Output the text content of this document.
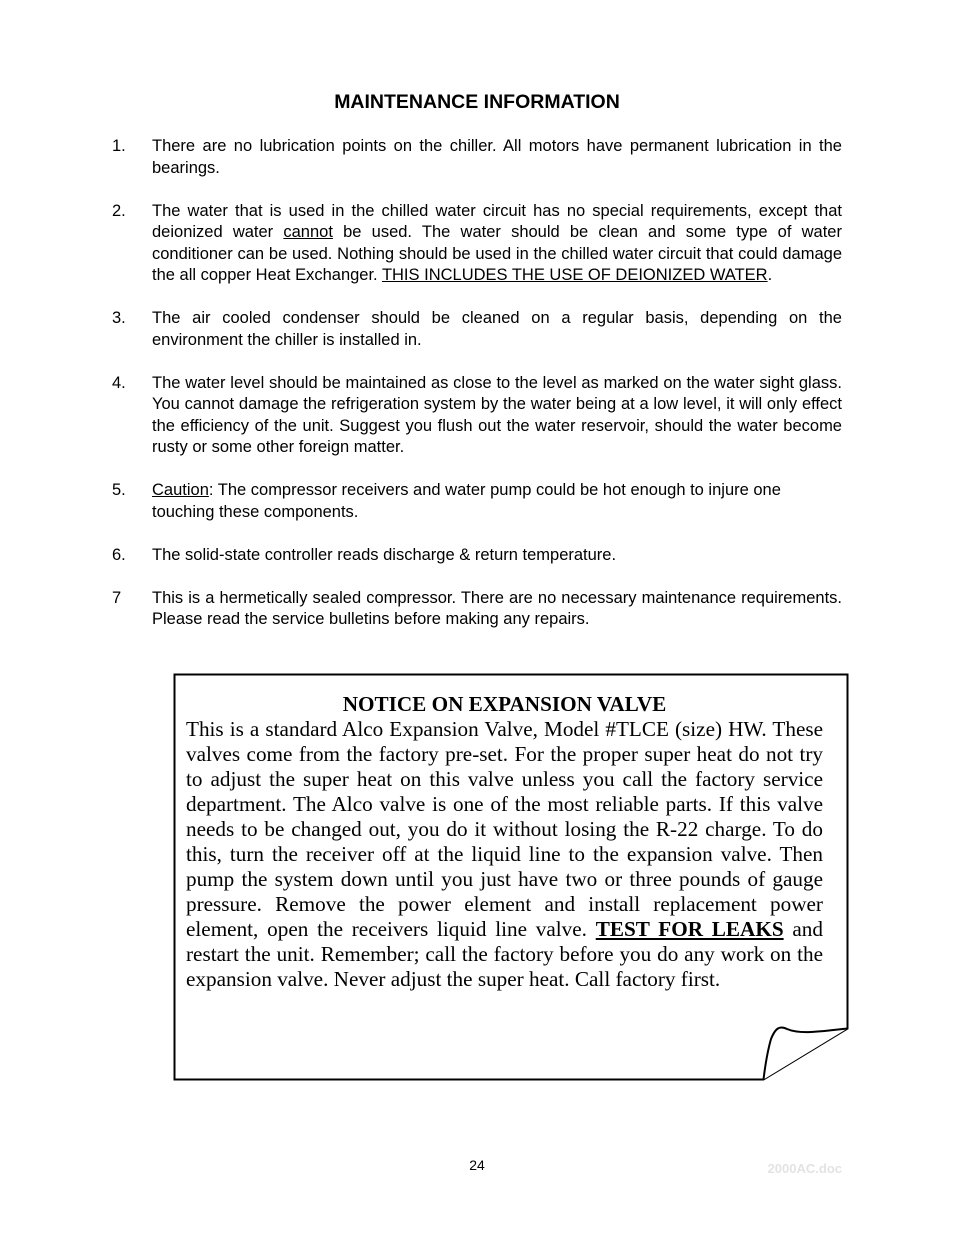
MAINTENANCE INFORMATION
1. There are no lubrication points on the chiller. All motors have permanent lubrication in the bearings.
2. The water that is used in the chilled water circuit has no special requirements, except that deionized water cannot be used. The water should be clean and some type of water conditioner can be used. Nothing should be used in the chilled water circuit that could damage the all copper Heat Exchanger. THIS INCLUDES THE USE OF DEIONIZED WATER.
3. The air cooled condenser should be cleaned on a regular basis, depending on the environment the chiller is installed in.
4. The water level should be maintained as close to the level as marked on the water sight glass. You cannot damage the refrigeration system by the water being at a low level, it will only effect the efficiency of the unit. Suggest you flush out the water reservoir, should the water become rusty or some other foreign matter.
5. Caution: The compressor receivers and water pump could be hot enough to injure one touching these components.
6. The solid-state controller reads discharge & return temperature.
7 This is a hermetically sealed compressor. There are no necessary maintenance requirements. Please read the service bulletins before making any repairs.
NOTICE ON EXPANSION VALVE
This is a standard Alco Expansion Valve, Model #TLCE (size) HW. These valves come from the factory pre-set. For the proper super heat do not try to adjust the super heat on this valve unless you call the factory service department. The Alco valve is one of the most reliable parts. If this valve needs to be changed out, you do it without losing the R-22 charge. To do this, turn the receiver off at the liquid line to the expansion valve. Then pump the system down until you just have two or three pounds of gauge pressure. Remove the power element and install replacement power element, open the receivers liquid line valve. TEST FOR LEAKS and restart the unit. Remember; call the factory before you do any work on the expansion valve. Never adjust the super heat. Call factory first.
24	2000AC.doc
